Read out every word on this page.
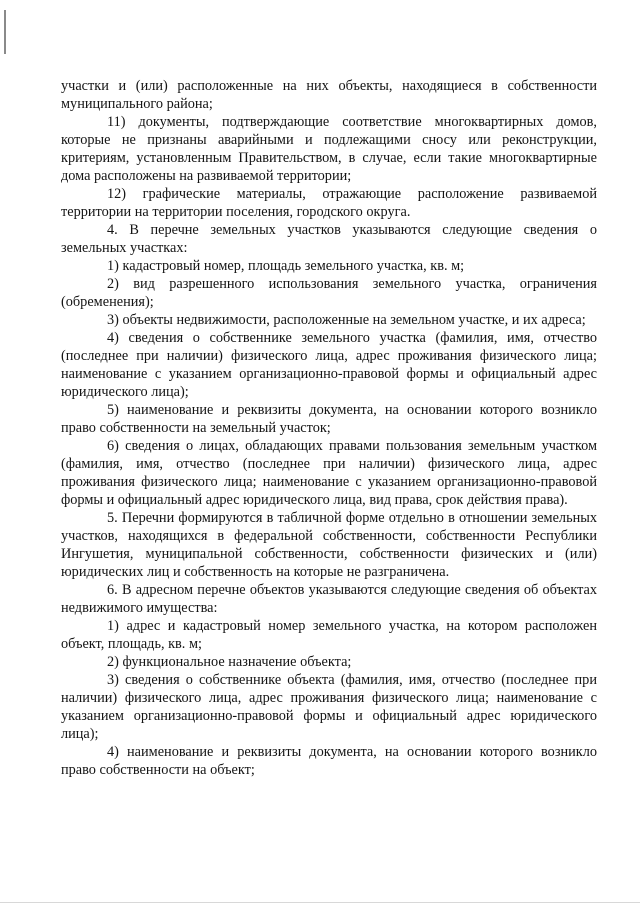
участки и (или) расположенные на них объекты, находящиеся в собственности муниципального района;

11) документы, подтверждающие соответствие многоквартирных домов, которые не признаны аварийными и подлежащими сносу или реконструкции, критериям, установленным Правительством, в случае, если такие многоквартирные дома расположены на развиваемой территории;

12) графические материалы, отражающие расположение развиваемой территории на территории поселения, городского округа.

4. В перечне земельных участков указываются следующие сведения о земельных участках:

1) кадастровый номер, площадь земельного участка, кв. м;

2) вид разрешенного использования земельного участка, ограничения (обременения);

3) объекты недвижимости, расположенные на земельном участке, и их адреса;

4) сведения о собственнике земельного участка (фамилия, имя, отчество (последнее при наличии) физического лица, адрес проживания физического лица; наименование с указанием организационно-правовой формы и официальный адрес юридического лица);

5) наименование и реквизиты документа, на основании которого возникло право собственности на земельный участок;

6) сведения о лицах, обладающих правами пользования земельным участком (фамилия, имя, отчество (последнее при наличии) физического лица, адрес проживания физического лица; наименование с указанием организационно-правовой формы и официальный адрес юридического лица, вид права, срок действия права).

5. Перечни формируются в табличной форме отдельно в отношении земельных участков, находящихся в федеральной собственности, собственности Республики Ингушетия, муниципальной собственности, собственности физических и (или) юридических лиц и собственность на которые не разграничена.

6. В адресном перечне объектов указываются следующие сведения об объектах недвижимого имущества:

1) адрес и кадастровый номер земельного участка, на котором расположен объект, площадь, кв. м;

2) функциональное назначение объекта;

3) сведения о собственнике объекта (фамилия, имя, отчество (последнее при наличии) физического лица, адрес проживания физического лица; наименование с указанием организационно-правовой формы и официальный адрес юридического лица);

4) наименование и реквизиты документа, на основании которого возникло право собственности на объект;
